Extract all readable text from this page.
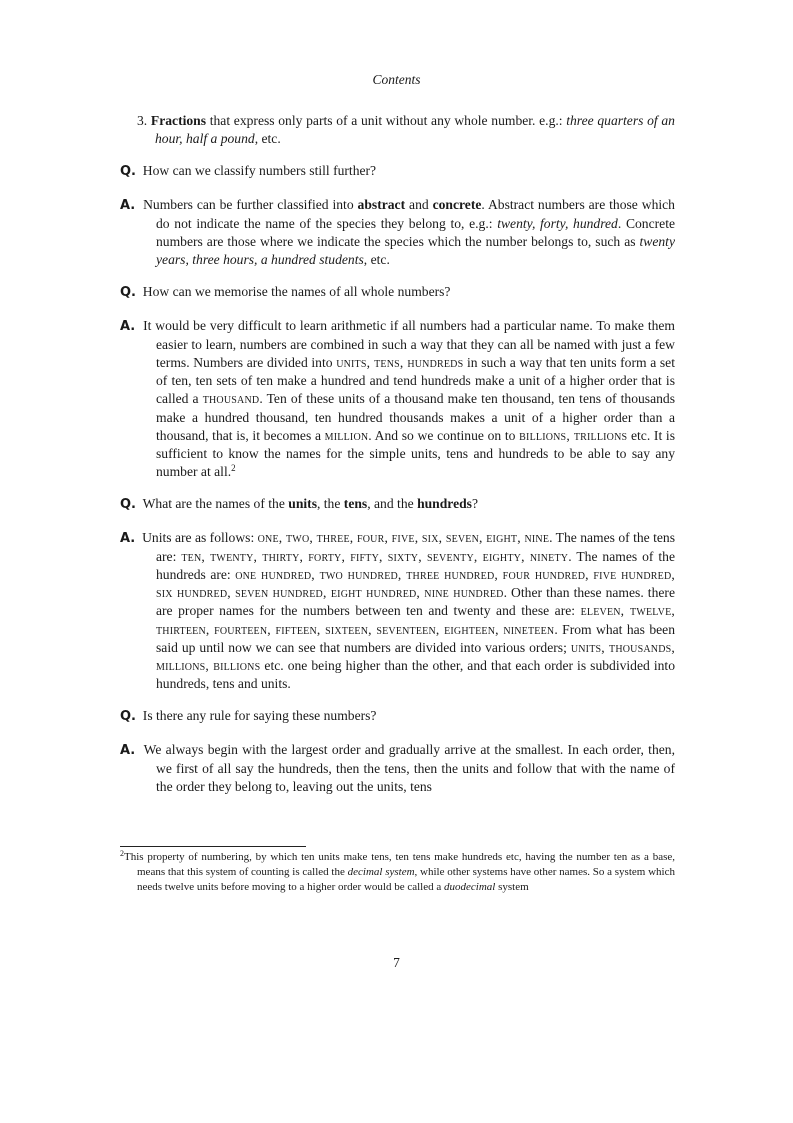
Contents

3. Fractions that express only parts of a unit without any whole number. e.g.: three quarters of an hour, half a pound, etc.

Q. How can we classify numbers still further?

A. Numbers can be further classified into abstract and concrete. Abstract numbers are those which do not indicate the name of the species they belong to, e.g.: twenty, forty, hundred. Concrete numbers are those where we indicate the species which the number belongs to, such as twenty years, three hours, a hundred students, etc.

Q. How can we memorise the names of all whole numbers?

A. It would be very difficult to learn arithmetic if all numbers had a particular name. To make them easier to learn, numbers are combined in such a way that they can all be named with just a few terms. Numbers are divided into units, tens, hundreds in such a way that ten units form a set of ten, ten sets of ten make a hundred and tend hundreds make a unit of a higher order that is called a thousand. Ten of these units of a thousand make ten thousand, ten tens of thousands make a hundred thousand, ten hundred thousands makes a unit of a higher order than a thousand, that is, it becomes a million. And so we continue on to billions, trillions etc. It is sufficient to know the names for the simple units, tens and hundreds to be able to say any number at all.$^2$

Q. What are the names of the units, the tens, and the hundreds?

A. Units are as follows: one, two, three, four, five, six, seven, eight, nine. The names of the tens are: ten, twenty, thirty, forty, fifty, sixty, seventy, eighty, ninety. The names of the hundreds are: one hundred, two hundred, three hundred, four hundred, five hundred, six hundred, seven hundred, eight hundred, nine hundred. Other than these names. there are proper names for the numbers between ten and twenty and these are: eleven, twelve, thirteen, fourteen, fifteen, sixteen, seventeen, eighteen, nineteen. From what has been said up until now we can see that numbers are divided into various orders; units, thousands, millions, billions etc. one being higher than the other, and that each order is subdivided into hundreds, tens and units.

Q. Is there any rule for saying these numbers?

A. We always begin with the largest order and gradually arrive at the smallest. In each order, then, we first of all say the hundreds, then the tens, then the units and follow that with the name of the order they belong to, leaving out the units, tens

$^2$This property of numbering, by which ten units make tens, ten tens make hundreds etc, having the number ten as a base, means that this system of counting is called the decimal system, while other systems have other names. So a system which needs twelve units before moving to a higher order would be called a duodecimal system
7
